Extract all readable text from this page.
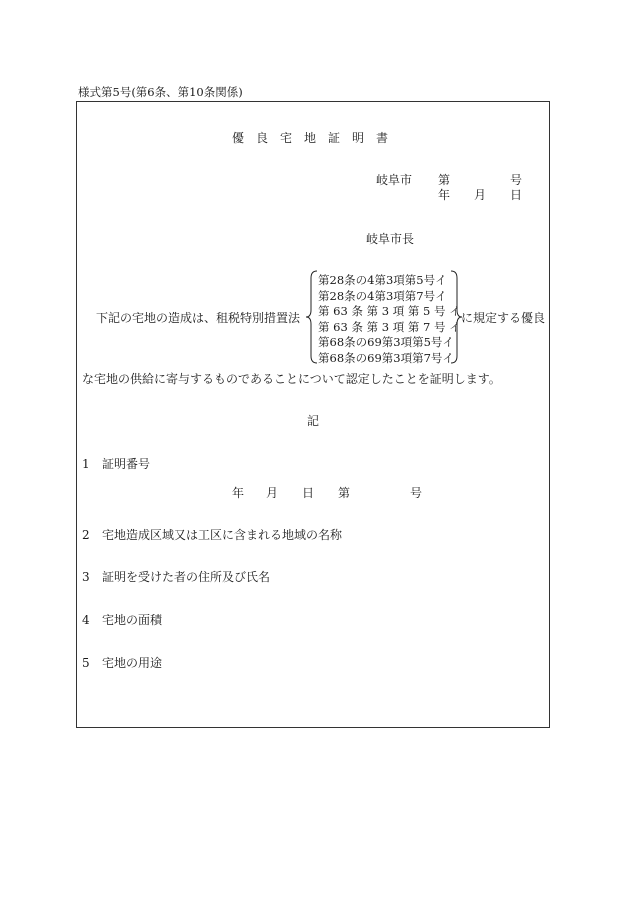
様式第5号(第6条、第10条関係)
優 良 宅 地 証 明 書
岐阜市 第	号
年 月 日
岐阜市長
下記の宅地の造成は、租税特別措置法
第28条の4第3項第5号イ
第28条の4第3項第7号イ
第 63 条 第 3 項 第 5 号 イ
第 63 条 第 3 項 第 7 号 イ
第68条の69第3項第5号イ
第68条の69第3項第7号イ
に規定する優良
な宅地の供給に寄与するものであることについて認定したことを証明します。
記
1 証明番号
年 月 日 第	号
2 宅地造成区域又は工区に含まれる地域の名称
3 証明を受けた者の住所及び氏名
4 宅地の面積
5 宅地の用途
